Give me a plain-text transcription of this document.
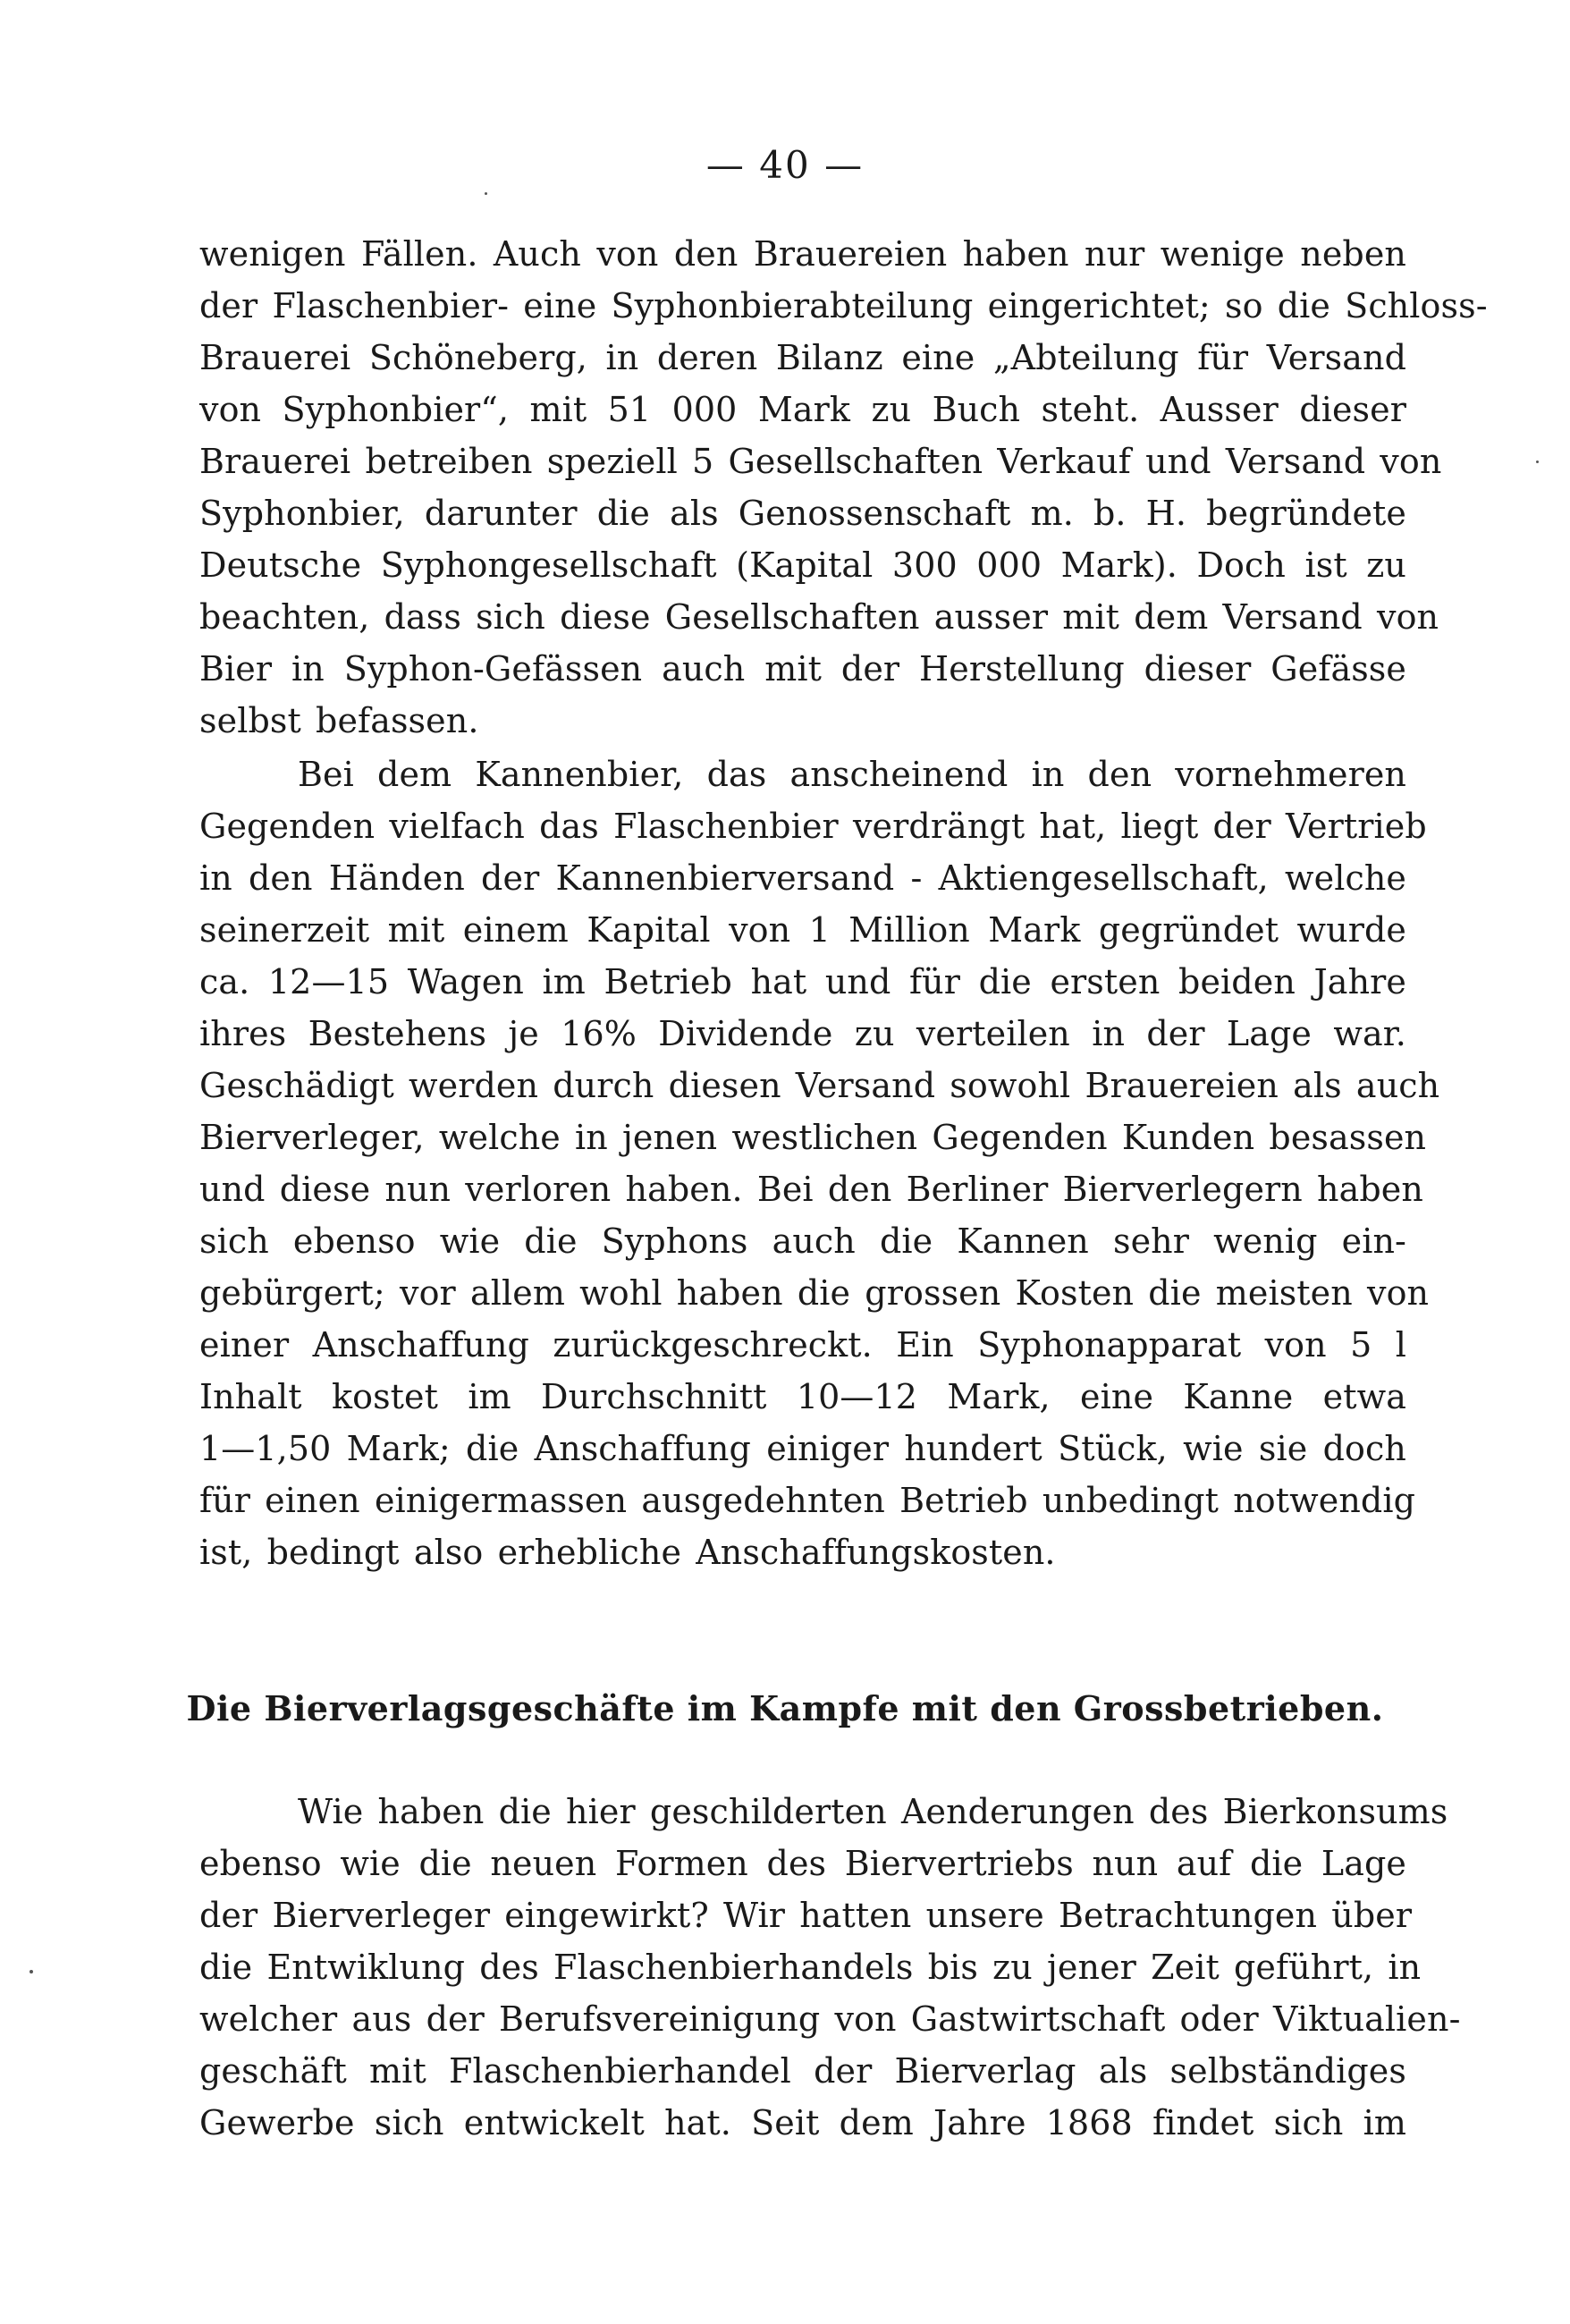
— 40 —
wenigen Fällen. Auch von den Brauereien haben nur wenige neben
der Flaschenbier- eine Syphonbierabteilung eingerichtet; so die Schloss-
Brauerei Schöneberg, in deren Bilanz eine „Abteilung für Versand
von Syphonbier“, mit 51 000 Mark zu Buch steht. Ausser dieser
Brauerei betreiben speziell 5 Gesellschaften Verkauf und Versand von
Syphonbier, darunter die als Genossenschaft m. b. H. begründete
Deutsche Syphongesellschaft (Kapital 300 000 Mark). Doch ist zu
beachten, dass sich diese Gesellschaften ausser mit dem Versand von
Bier in Syphon-Gefässen auch mit der Herstellung dieser Gefässe
selbst befassen.
Bei dem Kannenbier, das anscheinend in den vornehmeren
Gegenden vielfach das Flaschenbier verdrängt hat, liegt der Vertrieb
in den Händen der Kannenbierversand - Aktiengesellschaft, welche
seinerzeit mit einem Kapital von 1 Million Mark gegründet wurde
ca. 12—15 Wagen im Betrieb hat und für die ersten beiden Jahre
ihres Bestehens je 16% Dividende zu verteilen in der Lage war.
Geschädigt werden durch diesen Versand sowohl Brauereien als auch
Bierverleger, welche in jenen westlichen Gegenden Kunden besassen
und diese nun verloren haben. Bei den Berliner Bierverlegern haben
sich ebenso wie die Syphons auch die Kannen sehr wenig ein-
gebürgert; vor allem wohl haben die grossen Kosten die meisten von
einer Anschaffung zurückgeschreckt. Ein Syphonapparat von 5 l
Inhalt kostet im Durchschnitt 10—12 Mark, eine Kanne etwa
1—1,50 Mark; die Anschaffung einiger hundert Stück, wie sie doch
für einen einigermassen ausgedehnten Betrieb unbedingt notwendig
ist, bedingt also erhebliche Anschaffungskosten.
Die Bierverlagsgeschäfte im Kampfe mit den Grossbetrieben.
Wie haben die hier geschilderten Aenderungen des Bierkonsums
ebenso wie die neuen Formen des Biervertriebs nun auf die Lage
der Bierverleger eingewirkt? Wir hatten unsere Betrachtungen über
die Entwiklung des Flaschenbierhandels bis zu jener Zeit geführt, in
welcher aus der Berufsvereinigung von Gastwirtschaft oder Viktualien-
geschäft mit Flaschenbierhandel der Bierverlag als selbständiges
Gewerbe sich entwickelt hat. Seit dem Jahre 1868 findet sich im
